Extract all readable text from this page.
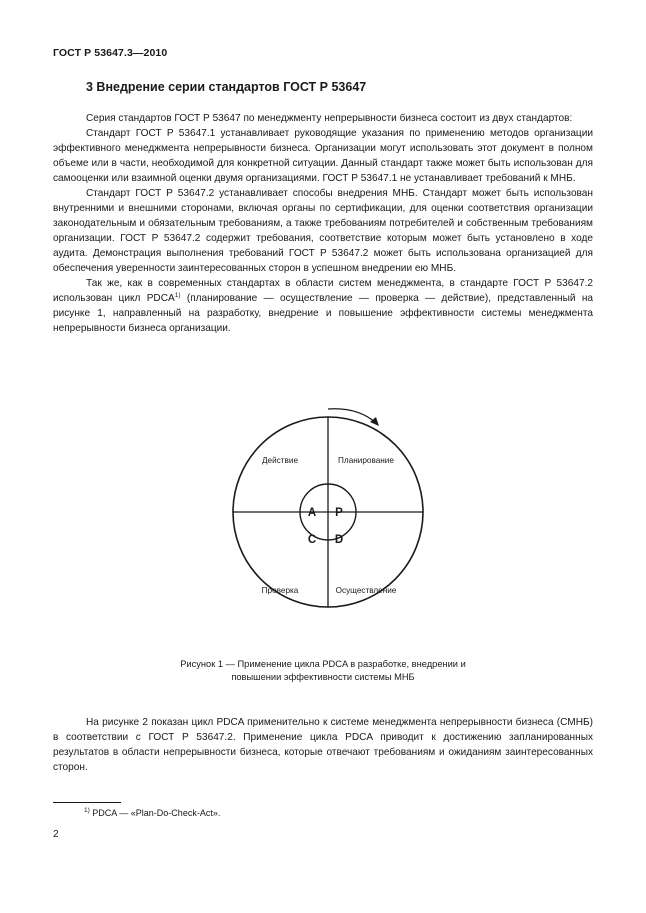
ГОСТ Р 53647.3—2010
3 Внедрение серии стандартов ГОСТ Р 53647

Серия стандартов ГОСТ Р 53647 по менеджменту непрерывности бизнеса состоит из двух стандартов:

Стандарт ГОСТ Р 53647.1 устанавливает руководящие указания по применению методов организации эффективного менеджмента непрерывности бизнеса. Организации могут использовать этот документ в полном объеме или в части, необходимой для конкретной ситуации. Данный стандарт также может быть использован для самооценки или взаимной оценки двумя организациями. ГОСТ Р 53647.1 не устанавливает требований к МНБ.

Стандарт ГОСТ Р 53647.2 устанавливает способы внедрения МНБ. Стандарт может быть использован внутренними и внешними сторонами, включая органы по сертификации, для оценки соответствия организации законодательным и обязательным требованиям, а также требованиям потребителей и собственным требованиям организации. ГОСТ Р 53647.2 содержит требования, соответствие которым может быть установлено в ходе аудита. Демонстрация выполнения требований ГОСТ Р 53647.2 может быть использована организацией для обеспечения уверенности заинтересованных сторон в успешном внедрении ею МНБ.

Так же, как в современных стандартах в области систем менеджмента, в стандарте ГОСТ Р 53647.2 использован цикл PDCA$^{1)}$ (планирование — осуществление — проверка — действие), представленный на рисунке 1, направленный на разработку, внедрение и повышение эффективности системы менеджмента непрерывности бизнеса организации.

Действие	Планирование
Проверка	Осуществление
A P
C D
Рисунок 1 — Применение цикла PDCA в разработке, внедрении и
повышении эффективности системы МНБ

На рисунке 2 показан цикл PDCA применительно к системе менеджмента непрерывности бизнеса (СМНБ) в соответствии с ГОСТ Р 53647.2. Применение цикла PDCA приводит к достижению запланированных результатов в области непрерывности бизнеса, которые отвечают требованиям и ожиданиям заинтересованных сторон.

$^{1)}$ PDCA — «Plan-Do-Check-Act».
2
